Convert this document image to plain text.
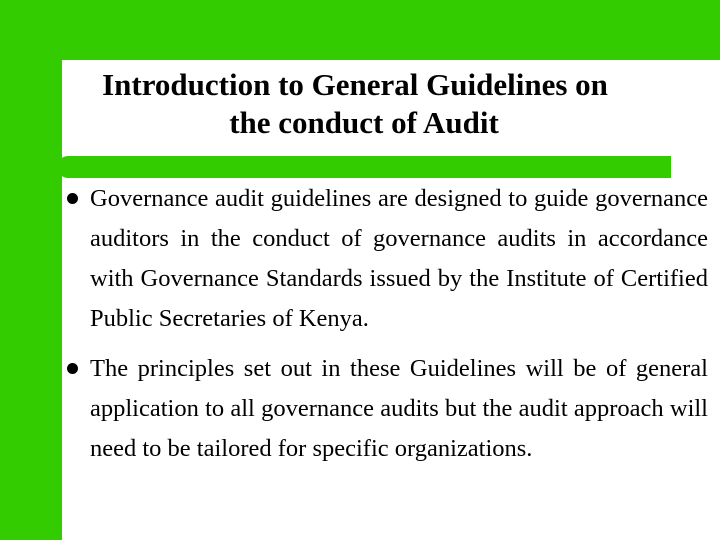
Introduction to General Guidelines on
the conduct of Audit
Governance audit guidelines are designed to guide governance auditors in the conduct of governance audits in accordance with Governance Standards issued by the Institute of Certified Public Secretaries of Kenya.
The principles set out in these Guidelines will be of general application to all governance audits but the audit approach will need to be tailored for specific organizations.
